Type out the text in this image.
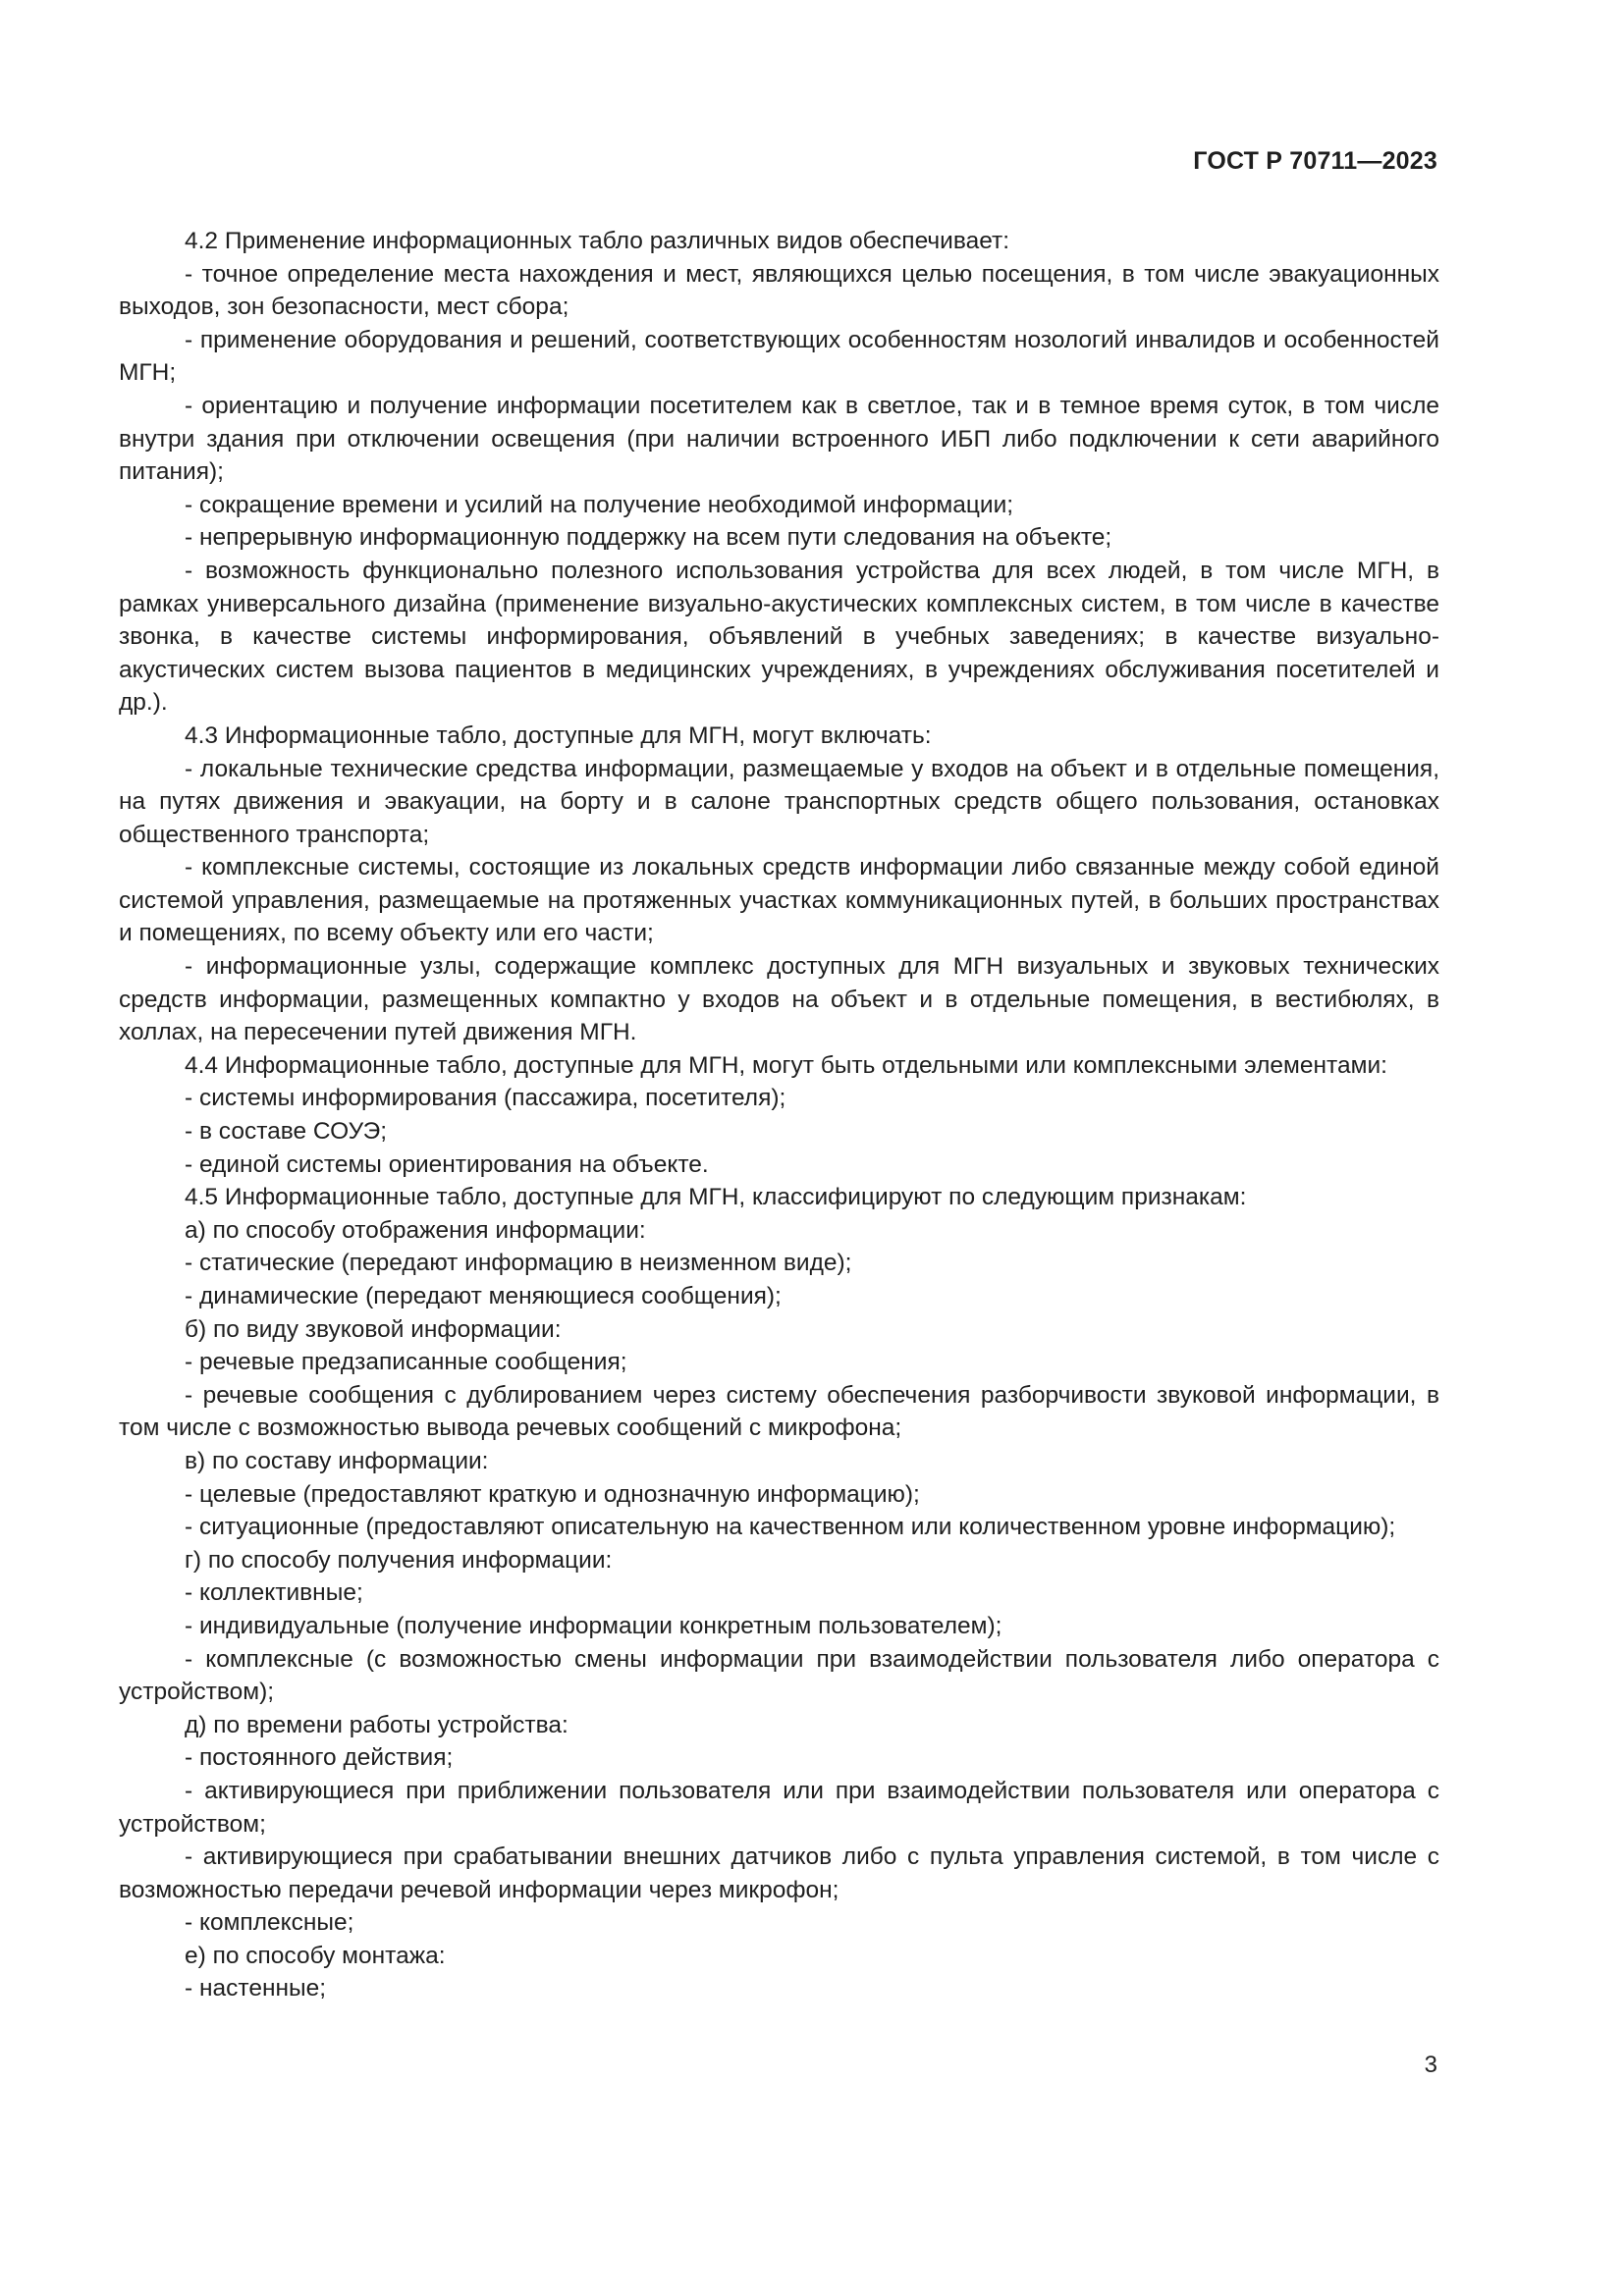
ГОСТ Р 70711—2023

4.2 Применение информационных табло различных видов обеспечивает:

- точное определение места нахождения и мест, являющихся целью посещения, в том числе эвакуационных выходов, зон безопасности, мест сбора;

- применение оборудования и решений, соответствующих особенностям нозологий инвалидов и особенностей МГН;

- ориентацию и получение информации посетителем как в светлое, так и в темное время суток, в том числе внутри здания при отключении освещения (при наличии встроенного ИБП либо подключении к сети аварийного питания);

- сокращение времени и усилий на получение необходимой информации;

- непрерывную информационную поддержку на всем пути следования на объекте;

- возможность функционально полезного использования устройства для всех людей, в том числе МГН, в рамках универсального дизайна (применение визуально-акустических комплексных систем, в том числе в качестве звонка, в качестве системы информирования, объявлений в учебных заведениях; в качестве визуально-акустических систем вызова пациентов в медицинских учреждениях, в учреждениях обслуживания посетителей и др.).

4.3 Информационные табло, доступные для МГН, могут включать:

- локальные технические средства информации, размещаемые у входов на объект и в отдельные помещения, на путях движения и эвакуации, на борту и в салоне транспортных средств общего пользования, остановках общественного транспорта;

- комплексные системы, состоящие из локальных средств информации либо связанные между собой единой системой управления, размещаемые на протяженных участках коммуникационных путей, в больших пространствах и помещениях, по всему объекту или его части;

- информационные узлы, содержащие комплекс доступных для МГН визуальных и звуковых технических средств информации, размещенных компактно у входов на объект и в отдельные помещения, в вестибюлях, в холлах, на пересечении путей движения МГН.

4.4 Информационные табло, доступные для МГН, могут быть отдельными или комплексными элементами:

- системы информирования (пассажира, посетителя);

- в составе СОУЭ;

- единой системы ориентирования на объекте.

4.5 Информационные табло, доступные для МГН, классифицируют по следующим признакам:

а) по способу отображения информации:

- статические (передают информацию в неизменном виде);

- динамические (передают меняющиеся сообщения);

б) по виду звуковой информации:

- речевые предзаписанные сообщения;

- речевые сообщения с дублированием через систему обеспечения разборчивости звуковой информации, в том числе с возможностью вывода речевых сообщений с микрофона;

в) по составу информации:

- целевые (предоставляют краткую и однозначную информацию);

- ситуационные (предоставляют описательную на качественном или количественном уровне информацию);

г) по способу получения информации:

- коллективные;

- индивидуальные (получение информации конкретным пользователем);

- комплексные (с возможностью смены информации при взаимодействии пользователя либо оператора с устройством);

д) по времени работы устройства:

- постоянного действия;

- активирующиеся при приближении пользователя или при взаимодействии пользователя или оператора с устройством;

- активирующиеся при срабатывании внешних датчиков либо с пульта управления системой, в том числе с возможностью передачи речевой информации через микрофон;

- комплексные;

е) по способу монтажа:

- настенные;

3
